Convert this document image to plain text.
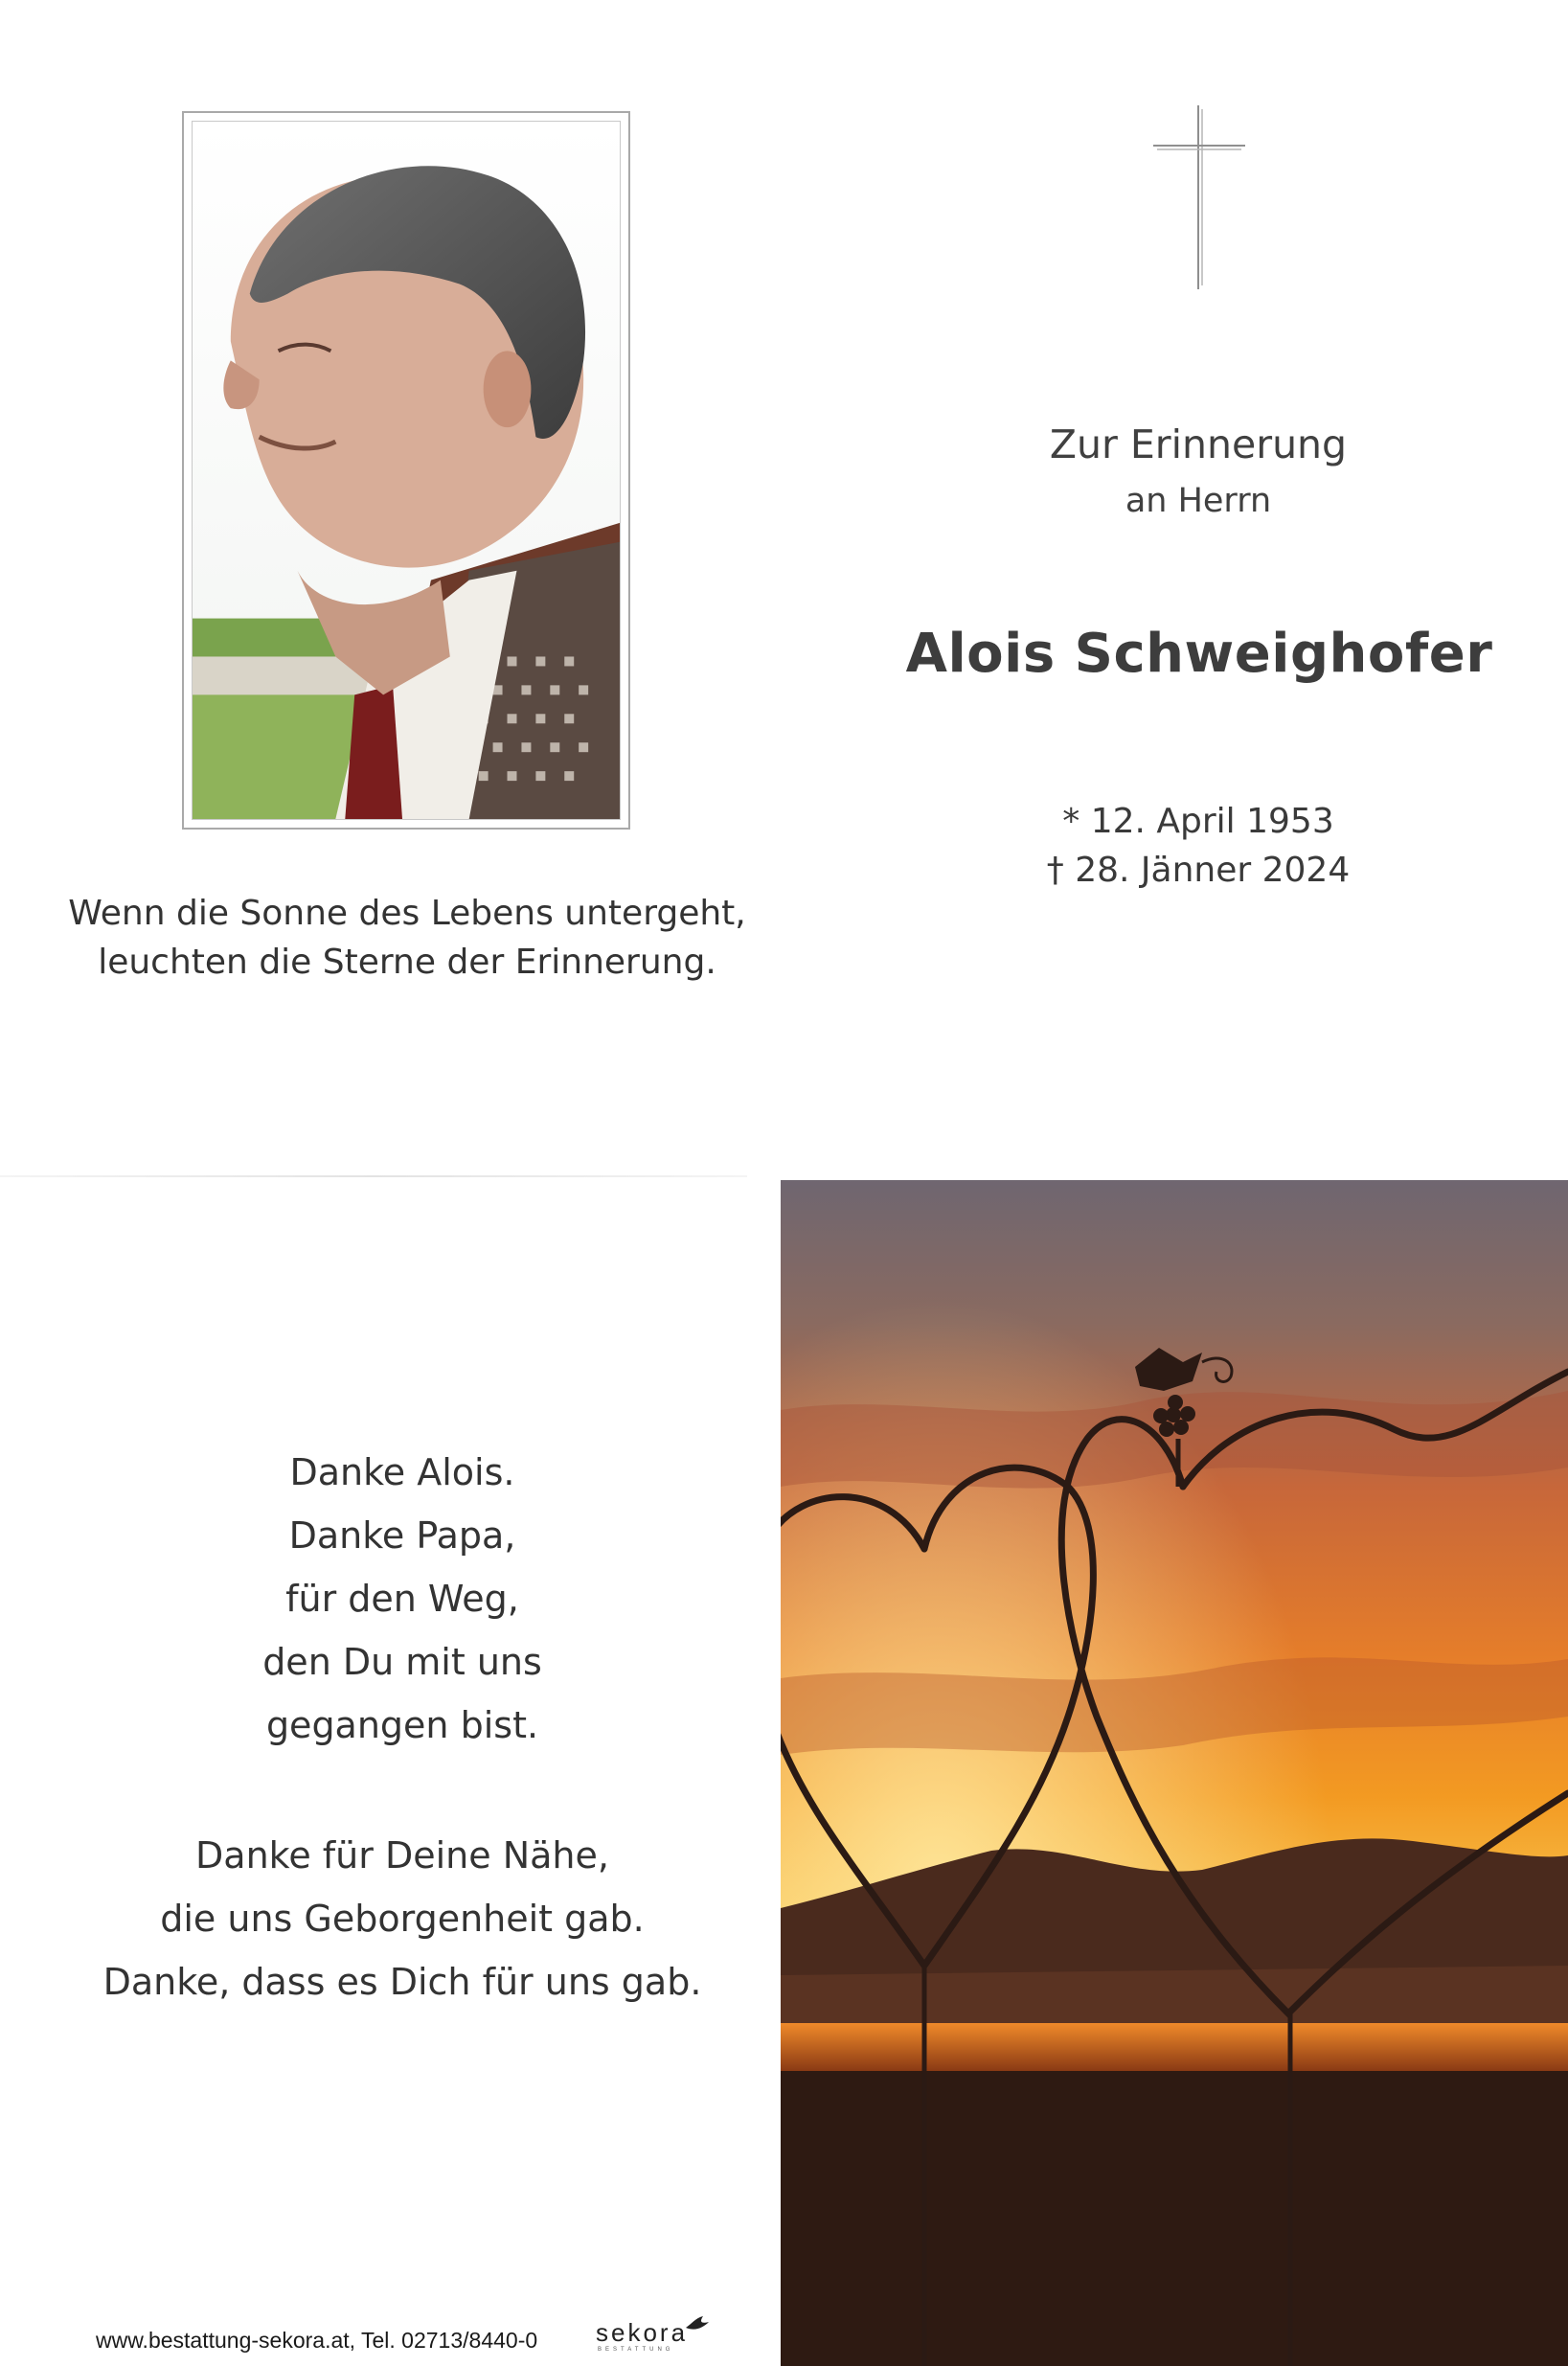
Zur Erinnerung
an Herrn
Alois Schweighofer
* 12. April 1953
† 28. Jänner 2024
Wenn die Sonne des Lebens untergeht,
leuchten die Sterne der Erinnerung.
Danke Alois.
Danke Papa,
für den Weg,
den Du mit uns
gegangen bist.
Danke für Deine Nähe,
die uns Geborgenheit gab.
Danke, dass es Dich für uns gab.
www.bestattung-sekora.at, Tel. 02713/8440-0 sekora
BESTATTUNG
